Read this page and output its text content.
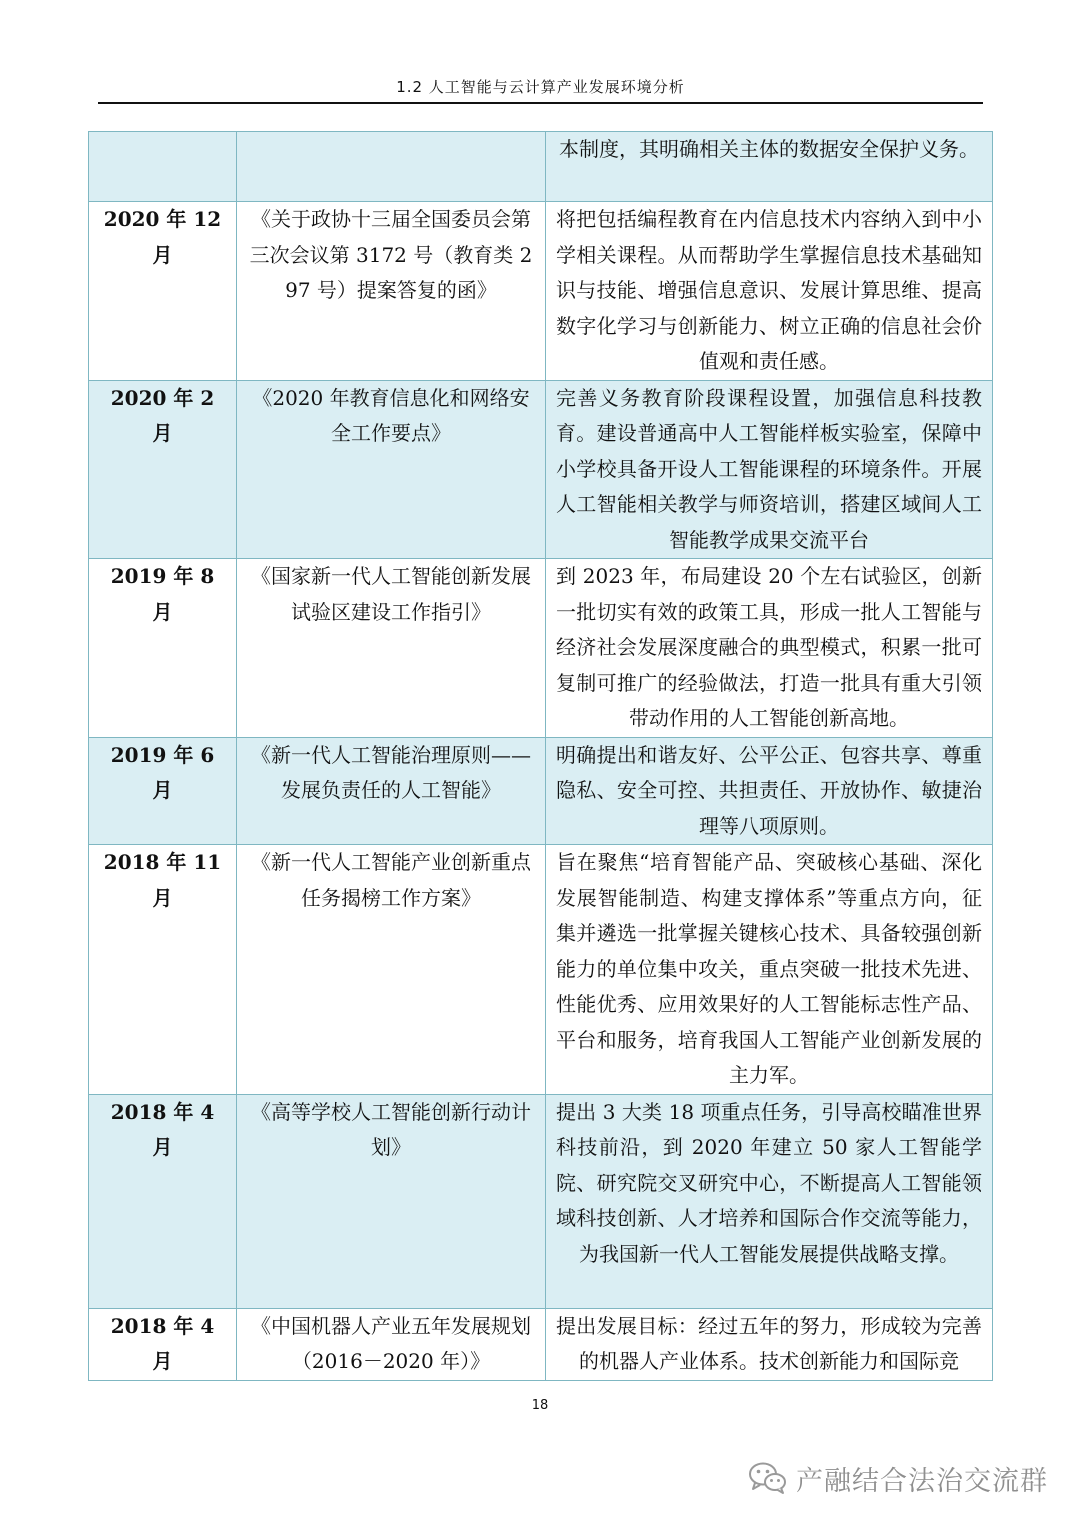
1.2 人工智能与云计算产业发展环境分析
		本制度，其明确相关主体的数据安全保护义务。
2020 年 12 月	《关于政协十三届全国委员会第三次会议第 3172 号（教育类 297 号）提案答复的函》	将把包括编程教育在内信息技术内容纳入到中小学相关课程。从而帮助学生掌握信息技术基础知识与技能、增强信息意识、发展计算思维、提高数字化学习与创新能力、树立正确的信息社会价值观和责任感。
2020 年 2 月	《2020 年教育信息化和网络安全工作要点》	完善义务教育阶段课程设置，加强信息科技教育。建设普通高中人工智能样板实验室，保障中小学校具备开设人工智能课程的环境条件。开展人工智能相关教学与师资培训，搭建区域间人工智能教学成果交流平台
2019 年 8 月	《国家新一代人工智能创新发展试验区建设工作指引》	到 2023 年，布局建设 20 个左右试验区，创新一批切实有效的政策工具，形成一批人工智能与经济社会发展深度融合的典型模式，积累一批可复制可推广的经验做法，打造一批具有重大引领带动作用的人工智能创新高地。
2019 年 6 月	《新一代人工智能治理原则——发展负责任的人工智能》	明确提出和谐友好、公平公正、包容共享、尊重隐私、安全可控、共担责任、开放协作、敏捷治理等八项原则。
2018 年 11 月	《新一代人工智能产业创新重点任务揭榜工作方案》	旨在聚焦“培育智能产品、突破核心基础、深化发展智能制造、构建支撑体系”等重点方向，征集并遴选一批掌握关键核心技术、具备较强创新能力的单位集中攻关，重点突破一批技术先进、性能优秀、应用效果好的人工智能标志性产品、平台和服务，培育我国人工智能产业创新发展的主力军。
2018 年 4 月	《高等学校人工智能创新行动计划》	提出 3 大类 18 项重点任务，引导高校瞄准世界科技前沿，到 2020 年建立 50 家人工智能学院、研究院交叉研究中心，不断提高人工智能领域科技创新、人才培养和国际合作交流等能力，为我国新一代人工智能发展提供战略支撑。
2018 年 4 月	《中国机器人产业五年发展规划（2016－2020 年）》	提出发展目标：经过五年的努力，形成较为完善的机器人产业体系。技术创新能力和国际竞
18
产融结合法治交流群
